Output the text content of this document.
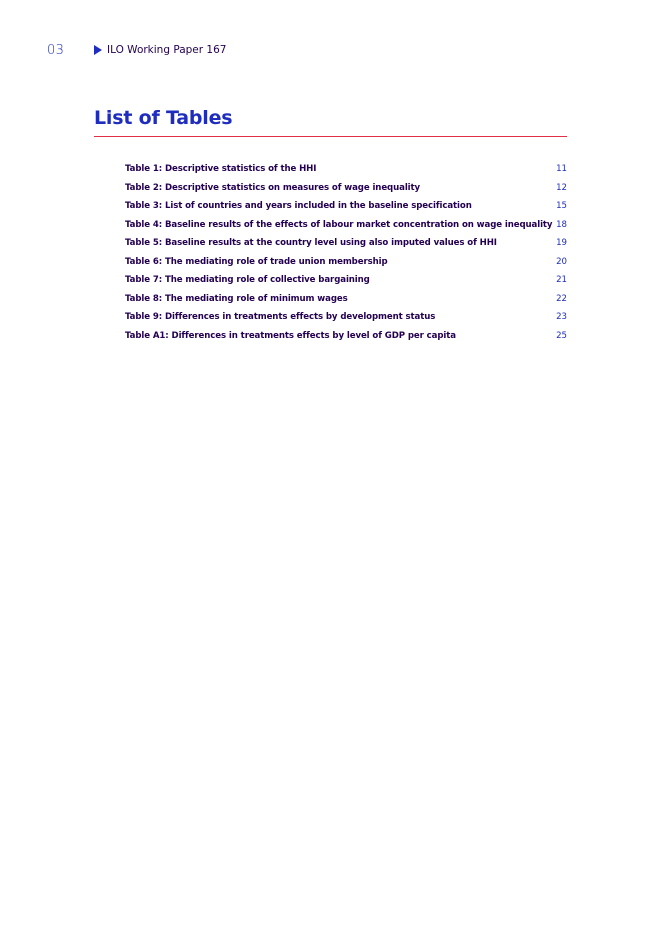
03	ILO Working Paper 167
List of Tables
Table 1: Descriptive statistics of the HHI	11
Table 2: Descriptive statistics on measures of wage inequality	12
Table 3: List of countries and years included in the baseline specification	15
Table 4: Baseline results of the effects of labour market concentration on wage inequality 18
Table 5: Baseline results at the country level using also imputed values of HHI	19
Table 6: The mediating role of trade union membership	20
Table 7: The mediating role of collective bargaining	21
Table 8: The mediating role of minimum wages	22
Table 9: Differences in treatments effects by development status	23
Table A1: Differences in treatments effects by level of GDP per capita	25
